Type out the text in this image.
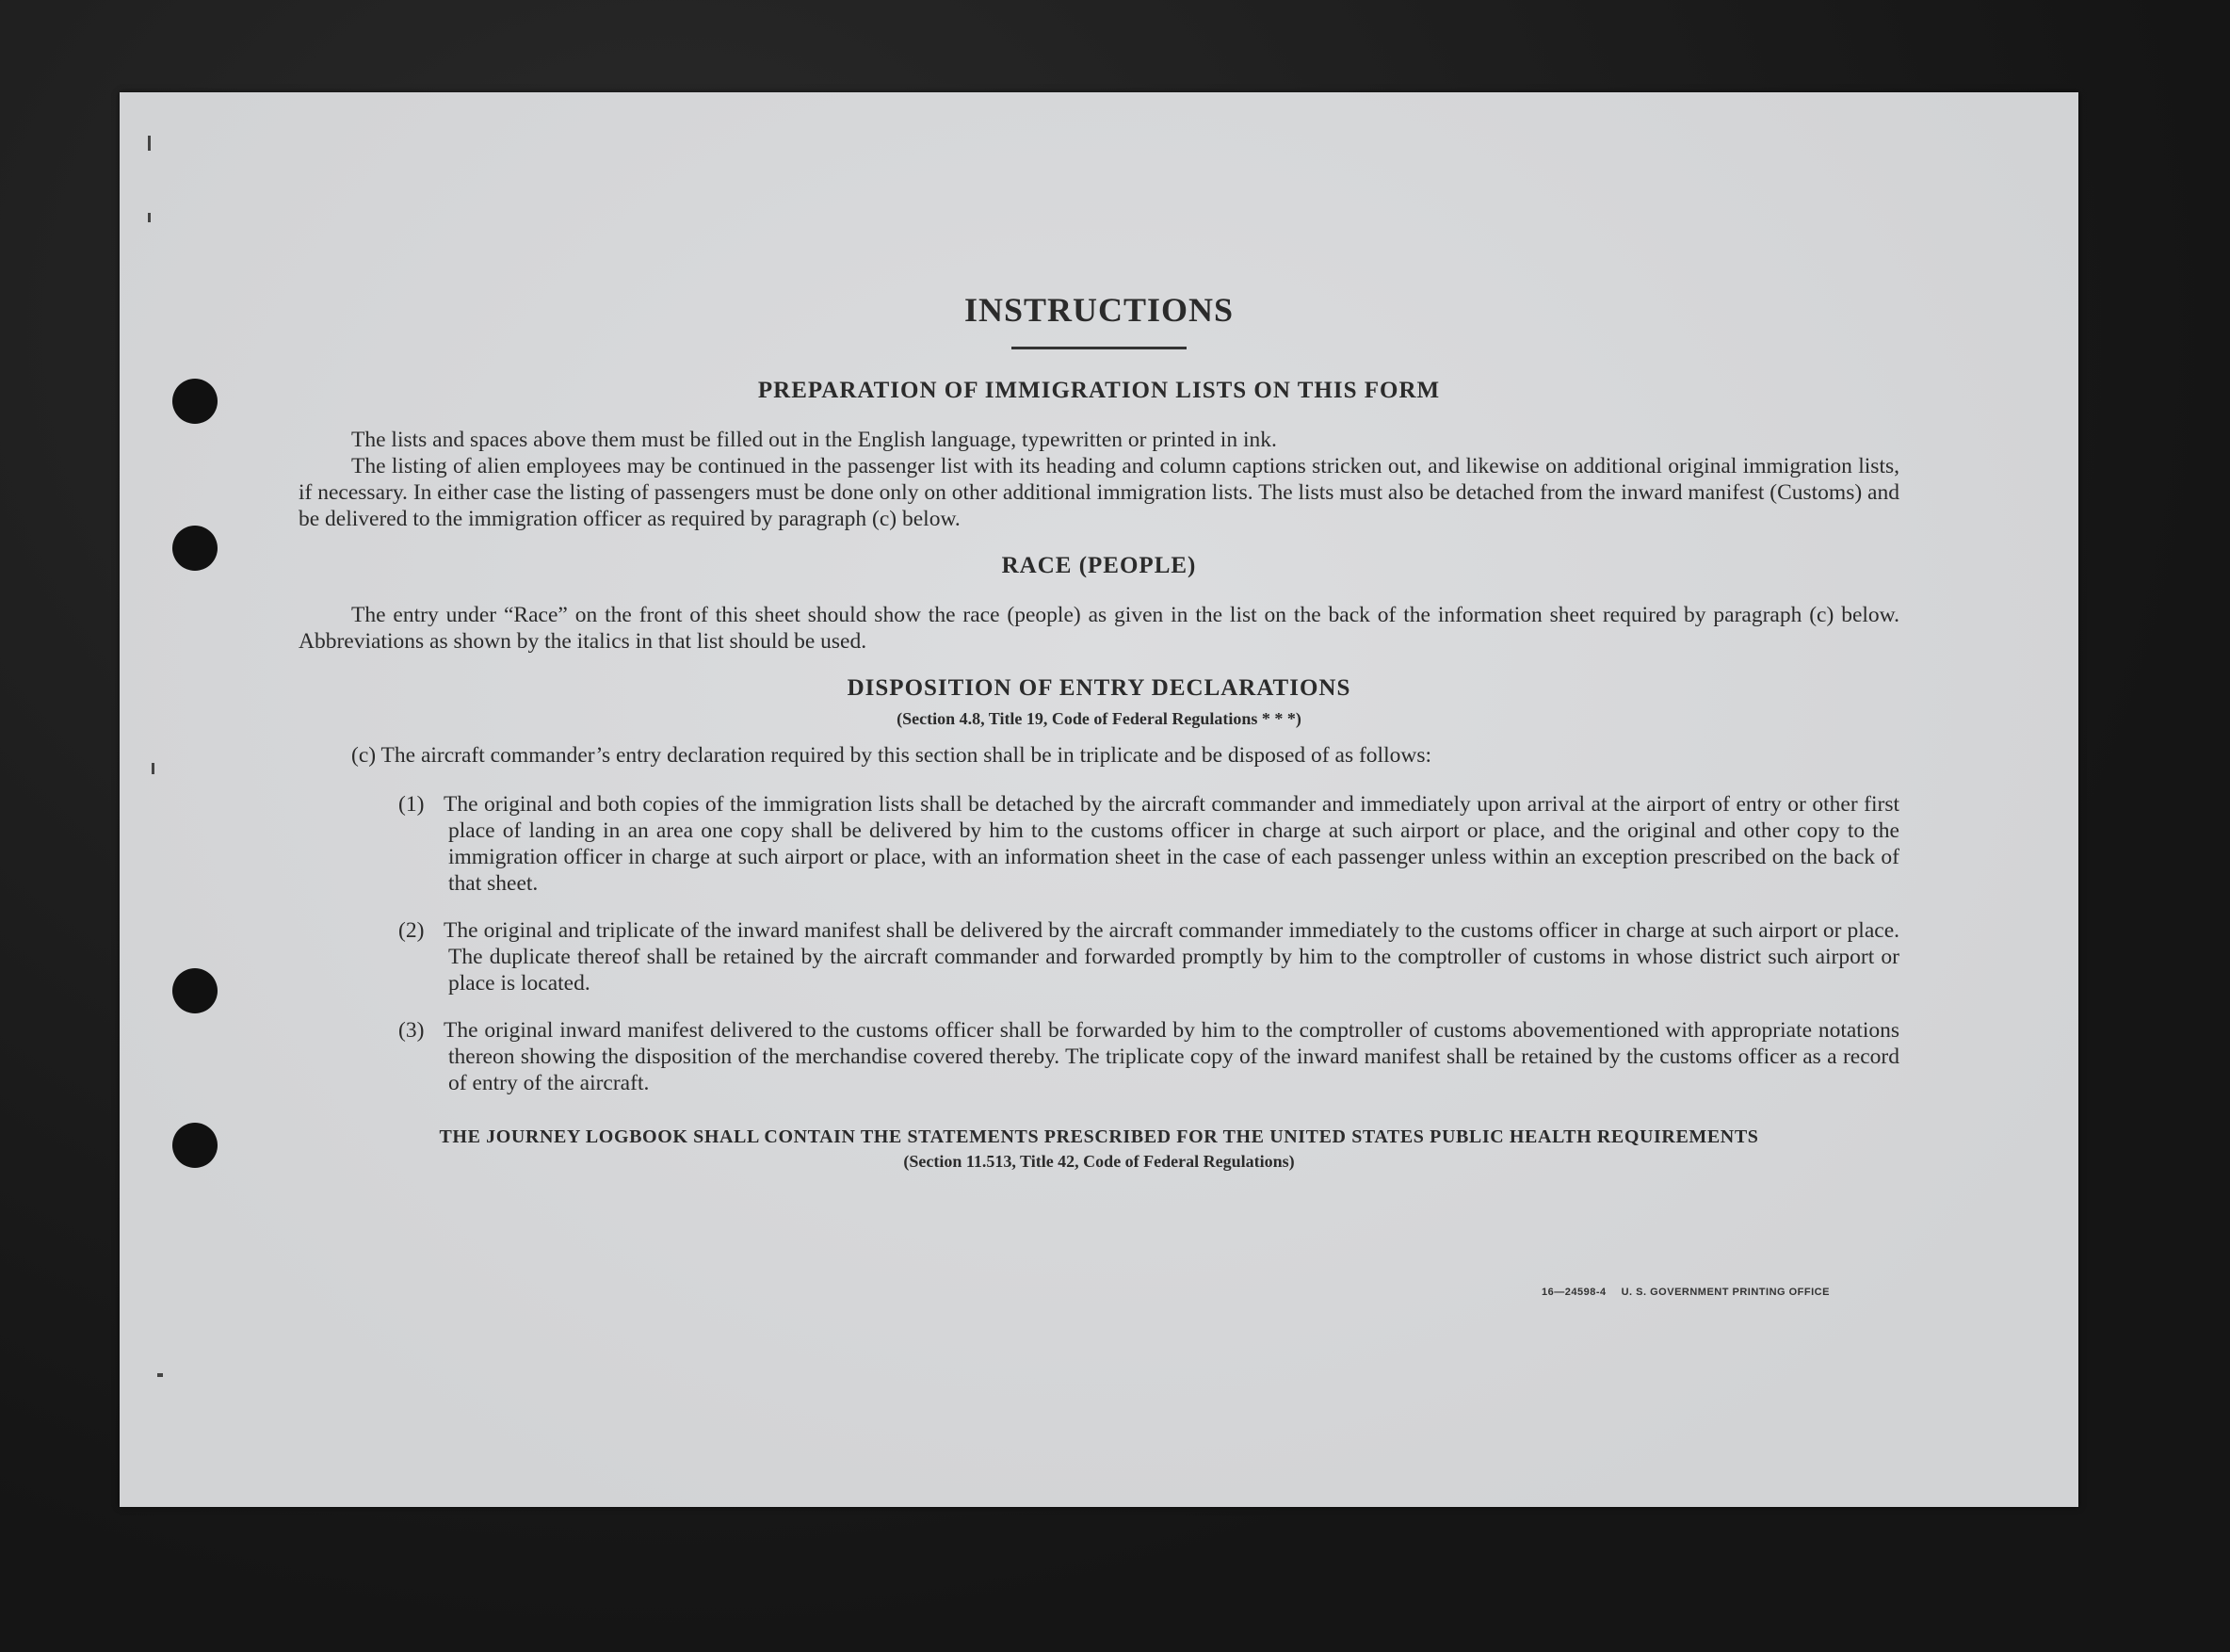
INSTRUCTIONS
PREPARATION OF IMMIGRATION LISTS ON THIS FORM

The lists and spaces above them must be filled out in the English language, typewritten or printed in ink.

The listing of alien employees may be continued in the passenger list with its heading and column captions stricken out, and likewise on additional original immigration lists, if necessary. In either case the listing of passengers must be done only on other additional immigration lists. The lists must also be detached from the inward manifest (Customs) and be delivered to the immigration officer as required by paragraph (c) below.

RACE (PEOPLE)

The entry under “Race” on the front of this sheet should show the race (people) as given in the list on the back of the information sheet required by paragraph (c) below. Abbreviations as shown by the italics in that list should be used.

DISPOSITION OF ENTRY DECLARATIONS
(Section 4.8, Title 19, Code of Federal Regulations * * *)

(c) The aircraft commander’s entry declaration required by this section shall be in triplicate and be disposed of as follows:

(1) The original and both copies of the immigration lists shall be detached by the aircraft commander and immediately upon arrival at the airport of entry or other first place of landing in an area one copy shall be delivered by him to the customs officer in charge at such airport or place, and the original and other copy to the immigration officer in charge at such airport or place, with an information sheet in the case of each passenger unless within an exception prescribed on the back of that sheet.
(2) The original and triplicate of the inward manifest shall be delivered by the aircraft commander immediately to the customs officer in charge at such airport or place. The duplicate thereof shall be retained by the aircraft commander and forwarded promptly by him to the comptroller of customs in whose district such airport or place is located.
(3) The original inward manifest delivered to the customs officer shall be forwarded by him to the comptroller of customs abovementioned with appropriate notations thereon showing the disposition of the merchandise covered thereby. The triplicate copy of the inward manifest shall be retained by the customs officer as a record of entry of the aircraft.
THE JOURNEY LOGBOOK SHALL CONTAIN THE STATEMENTS PRESCRIBED FOR THE UNITED STATES PUBLIC HEALTH REQUIREMENTS
(Section 11.513, Title 42, Code of Federal Regulations)
16—24598-4 U. S. GOVERNMENT PRINTING OFFICE
